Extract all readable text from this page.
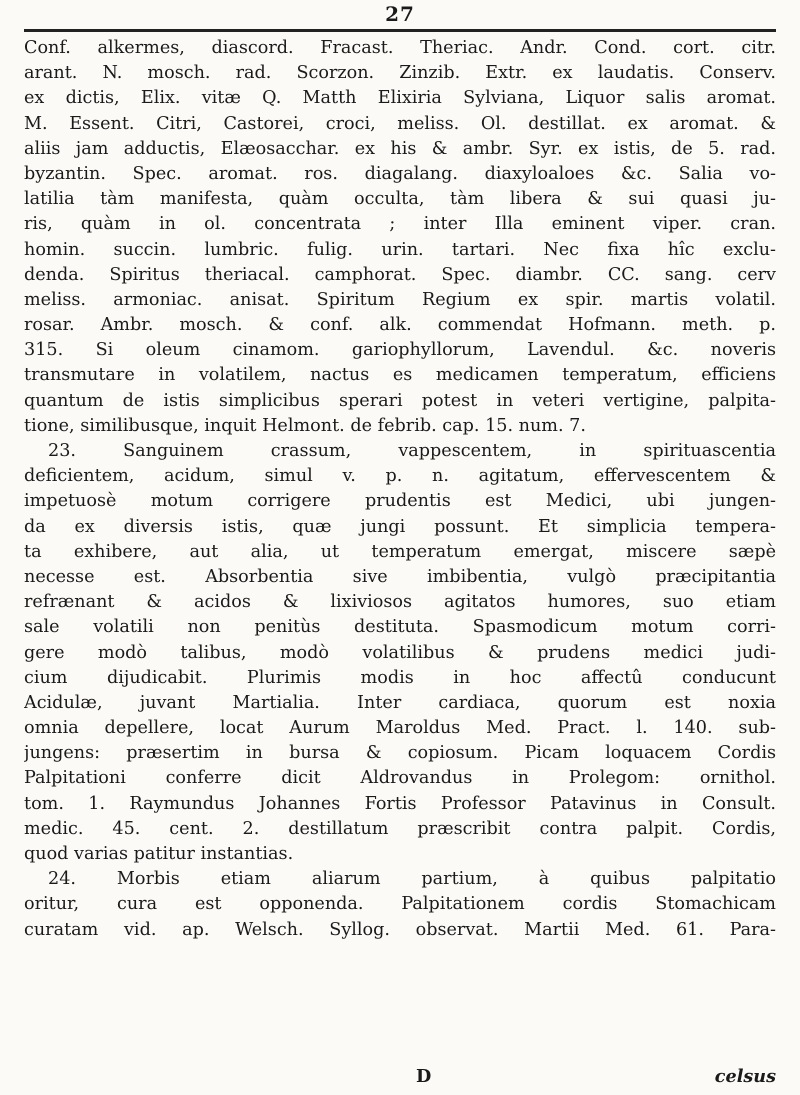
27
Conf. alkermes, diascord. Fracast. Theriac. Andr. Cond. cort. citr.
arant. N. mosch. rad. Scorzon. Zinzib. Extr. ex laudatis. Conserv.
ex dictis, Elix. vitæ Q. Matth Elixiria Sylviana, Liquor salis aromat.
M. Essent. Citri, Castorei, croci, meliss. Ol. destillat. ex aromat. &
aliis jam adductis, Elæosacchar. ex his & ambr. Syr. ex istis, de 5. rad.
byzantin. Spec. aromat. ros. diagalang. diaxyloaloes &c. Salia vo-
latilia tàm manifesta, quàm occulta, tàm libera & sui quasi ju-
ris, quàm in ol. concentrata ; inter Illa eminent viper. cran.
homin. succin. lumbric. fulig. urin. tartari. Nec fixa hîc exclu-
denda. Spiritus theriacal. camphorat. Spec. diambr. CC. sang. cerv
meliss. armoniac. anisat. Spiritum Regium ex spir. martis volatil.
rosar. Ambr. mosch. & conf. alk. commendat Hofmann. meth. p.
315. Si oleum cinamom. gariophyllorum, Lavendul. &c. noveris
transmutare in volatilem, nactus es medicamen temperatum, efficiens
quantum de istis simplicibus sperari potest in veteri vertigine, palpita-
tione, similibusque, inquit Helmont. de febrib. cap. 15. num. 7.
23. Sanguinem crassum, vappescentem, in spirituascentia
deficientem, acidum, simul v. p. n. agitatum, effervescentem &
impetuosè motum corrigere prudentis est Medici, ubi jungen-
da ex diversis istis, quæ jungi possunt. Et simplicia tempera-
ta exhibere, aut alia, ut temperatum emergat, miscere sæpè
necesse est. Absorbentia sive imbibentia, vulgò præcipitantia
refrænant & acidos & lixiviosos agitatos humores, suo etiam
sale volatili non penitùs destituta. Spasmodicum motum corri-
gere modò talibus, modò volatilibus & prudens medici judi-
cium dijudicabit. Plurimis modis in hoc affectû conducunt
Acidulæ, juvant Martialia. Inter cardiaca, quorum est noxia
omnia depellere, locat Aurum Maroldus Med. Pract. l. 140. sub-
jungens: præsertim in bursa & copiosum. Picam loquacem Cordis
Palpitationi conferre dicit Aldrovandus in Prolegom: ornithol.
tom. 1. Raymundus Johannes Fortis Professor Patavinus in Consult.
medic. 45. cent. 2. destillatum præscribit contra palpit. Cordis,
quod varias patitur instantias.
24. Morbis etiam aliarum partium, à quibus palpitatio
oritur, cura est opponenda. Palpitationem cordis Stomachicam
curatam vid. ap. Welsch. Syllog. observat. Martii Med. 61. Para-
D	celsus
